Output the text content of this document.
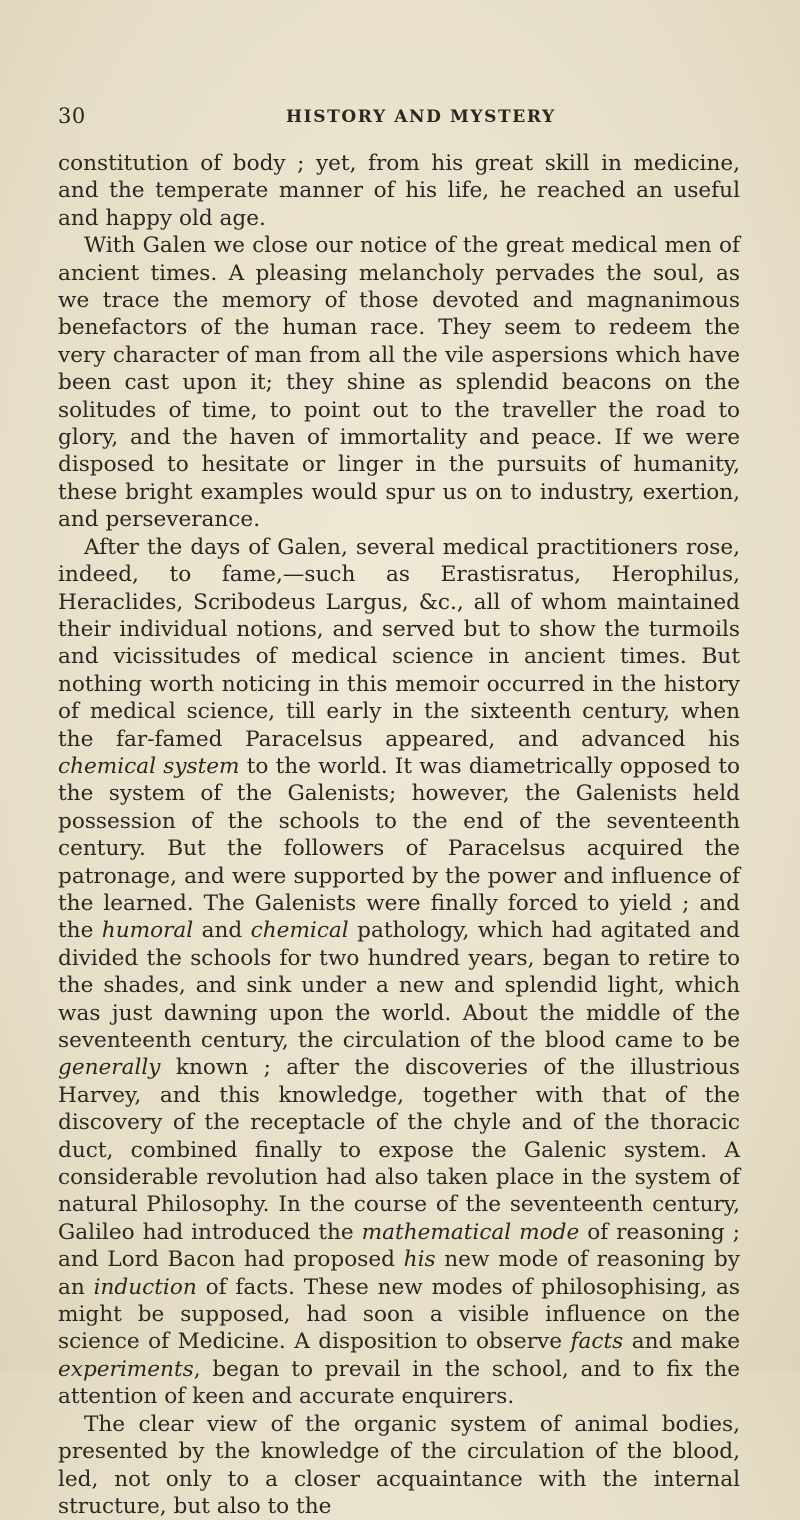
30	HISTORY AND MYSTERY

constitution of body ; yet, from his great skill in medicine, and the temperate manner of his life, he reached an useful and happy old age.

With Galen we close our notice of the great medical men of ancient times. A pleasing melancholy pervades the soul, as we trace the memory of those devoted and magnanimous benefactors of the human race. They seem to redeem the very character of man from all the vile aspersions which have been cast upon it; they shine as splendid beacons on the solitudes of time, to point out to the traveller the road to glory, and the haven of immortality and peace. If we were disposed to hesitate or linger in the pursuits of humanity, these bright examples would spur us on to industry, exertion, and perseverance.

After the days of Galen, several medical practitioners rose, indeed, to fame,—such as Erastisratus, Herophilus, Heraclides, Scribodeus Largus, &c., all of whom maintained their individual notions, and served but to show the turmoils and vicissitudes of medical science in ancient times. But nothing worth noticing in this memoir occurred in the history of medical science, till early in the sixteenth century, when the far-famed Paracelsus appeared, and advanced his chemical system to the world. It was diametrically opposed to the system of the Galenists; however, the Galenists held possession of the schools to the end of the seventeenth century. But the followers of Paracelsus acquired the patronage, and were supported by the power and influence of the learned. The Galenists were finally forced to yield ; and the humoral and chemical pathology, which had agitated and divided the schools for two hundred years, began to retire to the shades, and sink under a new and splendid light, which was just dawning upon the world. About the middle of the seventeenth century, the circulation of the blood came to be generally known ; after the discoveries of the illustrious Harvey, and this knowledge, together with that of the discovery of the receptacle of the chyle and of the thoracic duct, combined finally to expose the Galenic system. A considerable revolution had also taken place in the system of natural Philosophy. In the course of the seventeenth century, Galileo had introduced the mathematical mode of reasoning ; and Lord Bacon had proposed his new mode of reasoning by an induction of facts. These new modes of philosophising, as might be supposed, had soon a visible influence on the science of Medicine. A disposition to observe facts and make experiments, began to prevail in the school, and to fix the attention of keen and accurate enquirers.

The clear view of the organic system of animal bodies, presented by the knowledge of the circulation of the blood, led, not only to a closer acquaintance with the internal structure, but also to the
